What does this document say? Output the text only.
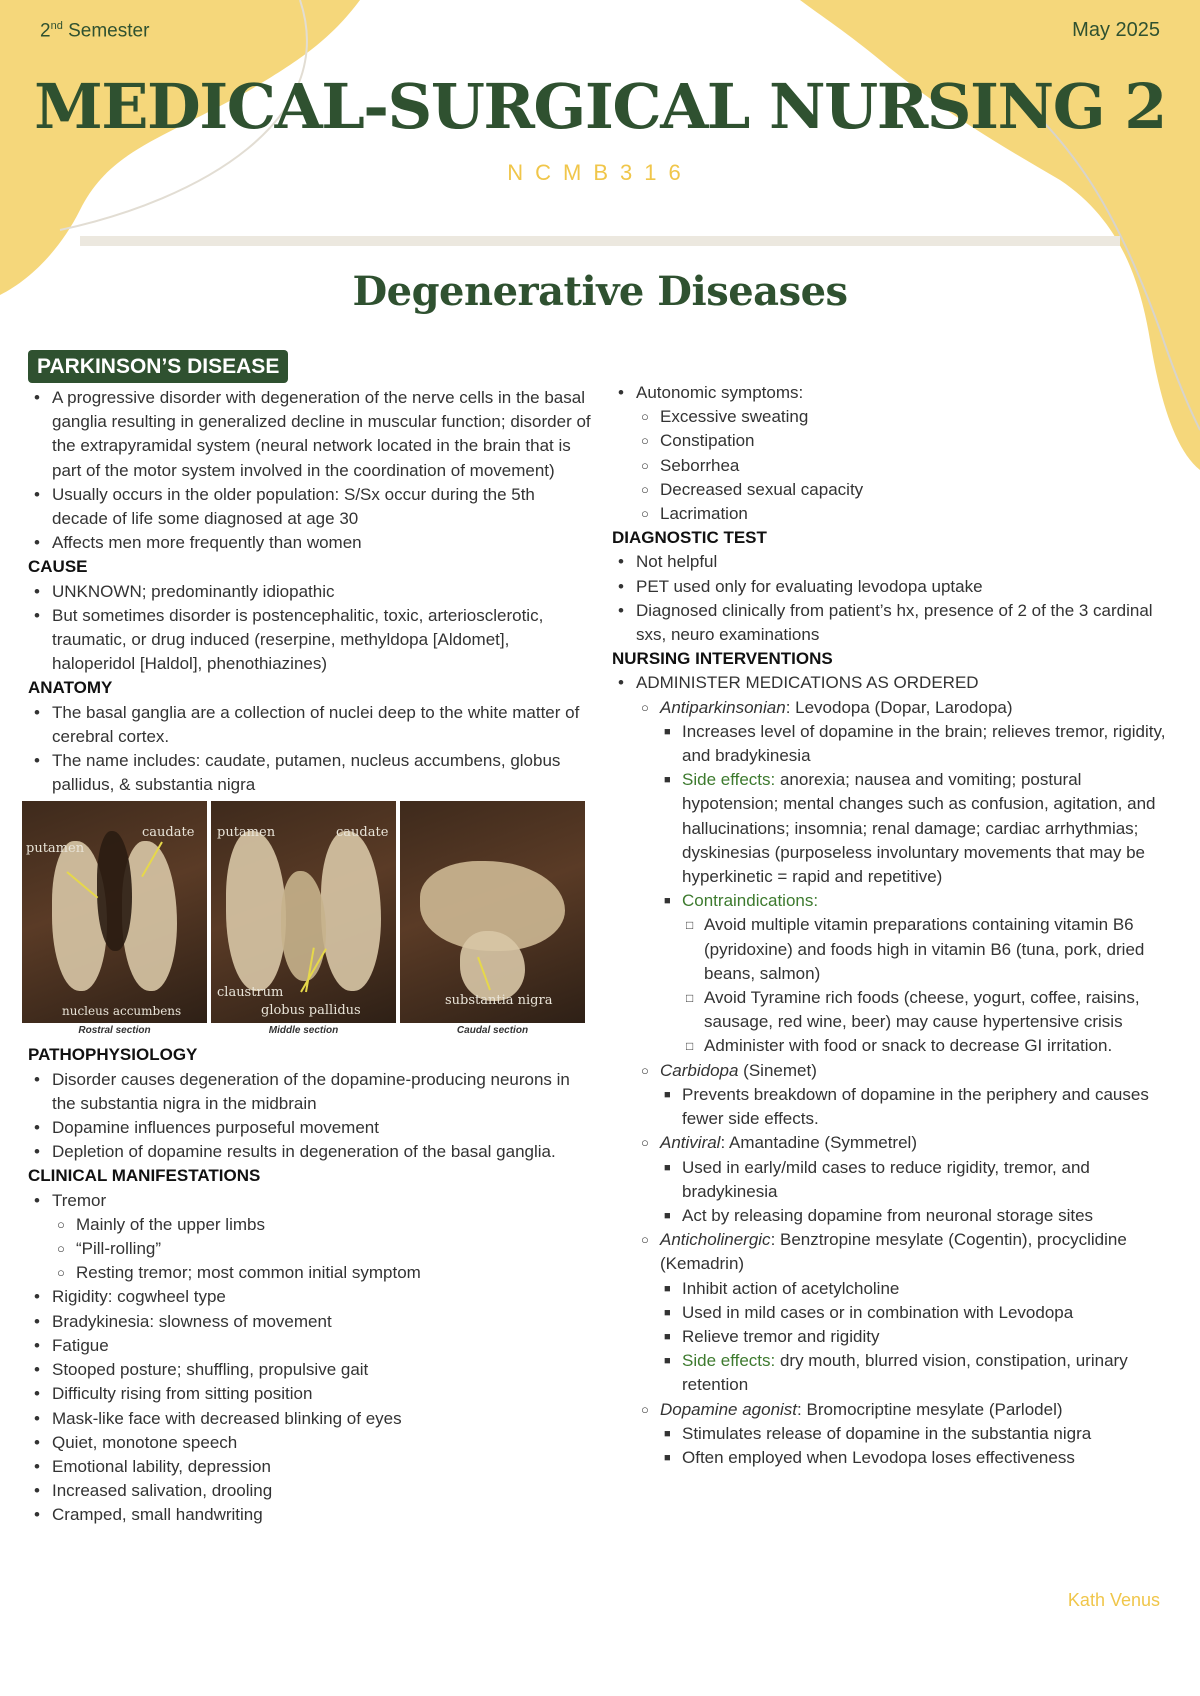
2nd Semester	May 2025
MEDICAL-SURGICAL NURSING 2
NCMB316
Degenerative Diseases
PARKINSON’S DISEASE
• A progressive disorder with degeneration of the nerve cells in the basal ganglia resulting in generalized decline in muscular function; disorder of the extrapyramidal system (neural network located in the brain that is part of the motor system involved in the coordination of movement)
• Usually occurs in the older population: S/Sx occur during the 5th decade of life some diagnosed at age 30
• Affects men more frequently than women
CAUSE
• UNKNOWN; predominantly idiopathic
• But sometimes disorder is postencephalitic, toxic, arteriosclerotic, traumatic, or drug induced (reserpine, methyldopa [Aldomet], haloperidol [Haldol], phenothiazines)
ANATOMY
• The basal ganglia are a collection of nuclei deep to the white matter of cerebral cortex.
• The name includes: caudate, putamen, nucleus accumbens, globus pallidus, & substantia nigra
putamen
caudate
nucleus accumbens
Rostral section
putamen	caudate
claustrum
globus pallidus
Middle section
substantia nigra
Caudal section
PATHOPHYSIOLOGY
• Disorder causes degeneration of the dopamine-producing neurons in the substantia nigra in the midbrain
• Dopamine influences purposeful movement
• Depletion of dopamine results in degeneration of the basal ganglia.
CLINICAL MANIFESTATIONS
• Tremor
○ Mainly of the upper limbs
○ “Pill-rolling”
○ Resting tremor; most common initial symptom
• Rigidity: cogwheel type
• Bradykinesia: slowness of movement
• Fatigue
• Stooped posture; shuffling, propulsive gait
• Difficulty rising from sitting position
• Mask-like face with decreased blinking of eyes
• Quiet, monotone speech
• Emotional lability, depression
• Increased salivation, drooling
• Cramped, small handwriting
• Autonomic symptoms:
○ Excessive sweating
○ Constipation
○ Seborrhea
○ Decreased sexual capacity
○ Lacrimation
DIAGNOSTIC TEST
• Not helpful
• PET used only for evaluating levodopa uptake
• Diagnosed clinically from patient’s hx, presence of 2 of the 3 cardinal sxs, neuro examinations
NURSING INTERVENTIONS
• ADMINISTER MEDICATIONS AS ORDERED
○ Antiparkinsonian: Levodopa (Dopar, Larodopa)
■ Increases level of dopamine in the brain; relieves tremor, rigidity, and bradykinesia
■ Side effects: anorexia; nausea and vomiting; postural hypotension; mental changes such as confusion, agitation, and hallucinations; insomnia; renal damage; cardiac arrhythmias; dyskinesias (purposeless involuntary movements that may be hyperkinetic = rapid and repetitive)
■ Contraindications:
□ Avoid multiple vitamin preparations containing vitamin B6 (pyridoxine) and foods high in vitamin B6 (tuna, pork, dried beans, salmon)
□ Avoid Tyramine rich foods (cheese, yogurt, coffee, raisins, sausage, red wine, beer) may cause hypertensive crisis
□ Administer with food or snack to decrease GI irritation.
○ Carbidopa (Sinemet)
■ Prevents breakdown of dopamine in the periphery and causes fewer side effects.
○ Antiviral: Amantadine (Symmetrel)
■ Used in early/mild cases to reduce rigidity, tremor, and bradykinesia
■ Act by releasing dopamine from neuronal storage sites
○ Anticholinergic: Benztropine mesylate (Cogentin), procyclidine (Kemadrin)
■ Inhibit action of acetylcholine
■ Used in mild cases or in combination with Levodopa
■ Relieve tremor and rigidity
■ Side effects: dry mouth, blurred vision, constipation, urinary retention
○ Dopamine agonist: Bromocriptine mesylate (Parlodel)
■ Stimulates release of dopamine in the substantia nigra
■ Often employed when Levodopa loses effectiveness
Kath Venus
